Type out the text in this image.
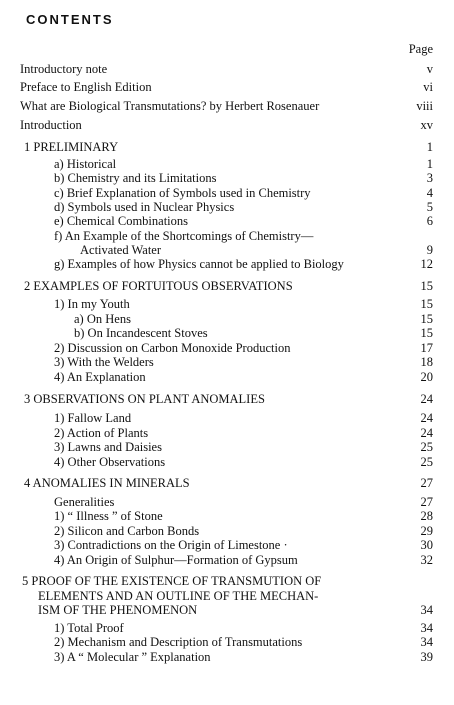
CONTENTS
Page
Introductory note	v
Preface to English Edition	vi
What are Biological Transmutations? by Herbert Rosenauer	viii
Introduction	xv
1 PRELIMINARY	1
a) Historical	1
b) Chemistry and its Limitations	3
c) Brief Explanation of Symbols used in Chemistry	4
d) Symbols used in Nuclear Physics	5
e) Chemical Combinations	6
f) An Example of the Shortcomings of Chemistry—
Activated Water	9
g) Examples of how Physics cannot be applied to Biology	12
2 EXAMPLES OF FORTUITOUS OBSERVATIONS	15
1) In my Youth	15
a) On Hens	15
b) On Incandescent Stoves	15
2) Discussion on Carbon Monoxide Production	17
3) With the Welders	18
4) An Explanation	20
3 OBSERVATIONS ON PLANT ANOMALIES	24
1) Fallow Land	24
2) Action of Plants	24
3) Lawns and Daisies	25
4) Other Observations	25
4 ANOMALIES IN MINERALS	27
Generalities	27
1) “ Illness ” of Stone	28
2) Silicon and Carbon Bonds	29
3) Contradictions on the Origin of Limestone ·	30
4) An Origin of Sulphur—Formation of Gypsum	32
5 PROOF OF THE EXISTENCE OF TRANSMUTION OF
ELEMENTS AND AN OUTLINE OF THE MECHAN-
ISM OF THE PHENOMENON	34
1) Total Proof	34
2) Mechanism and Description of Transmutations	34
3) A “ Molecular ” Explanation	39
